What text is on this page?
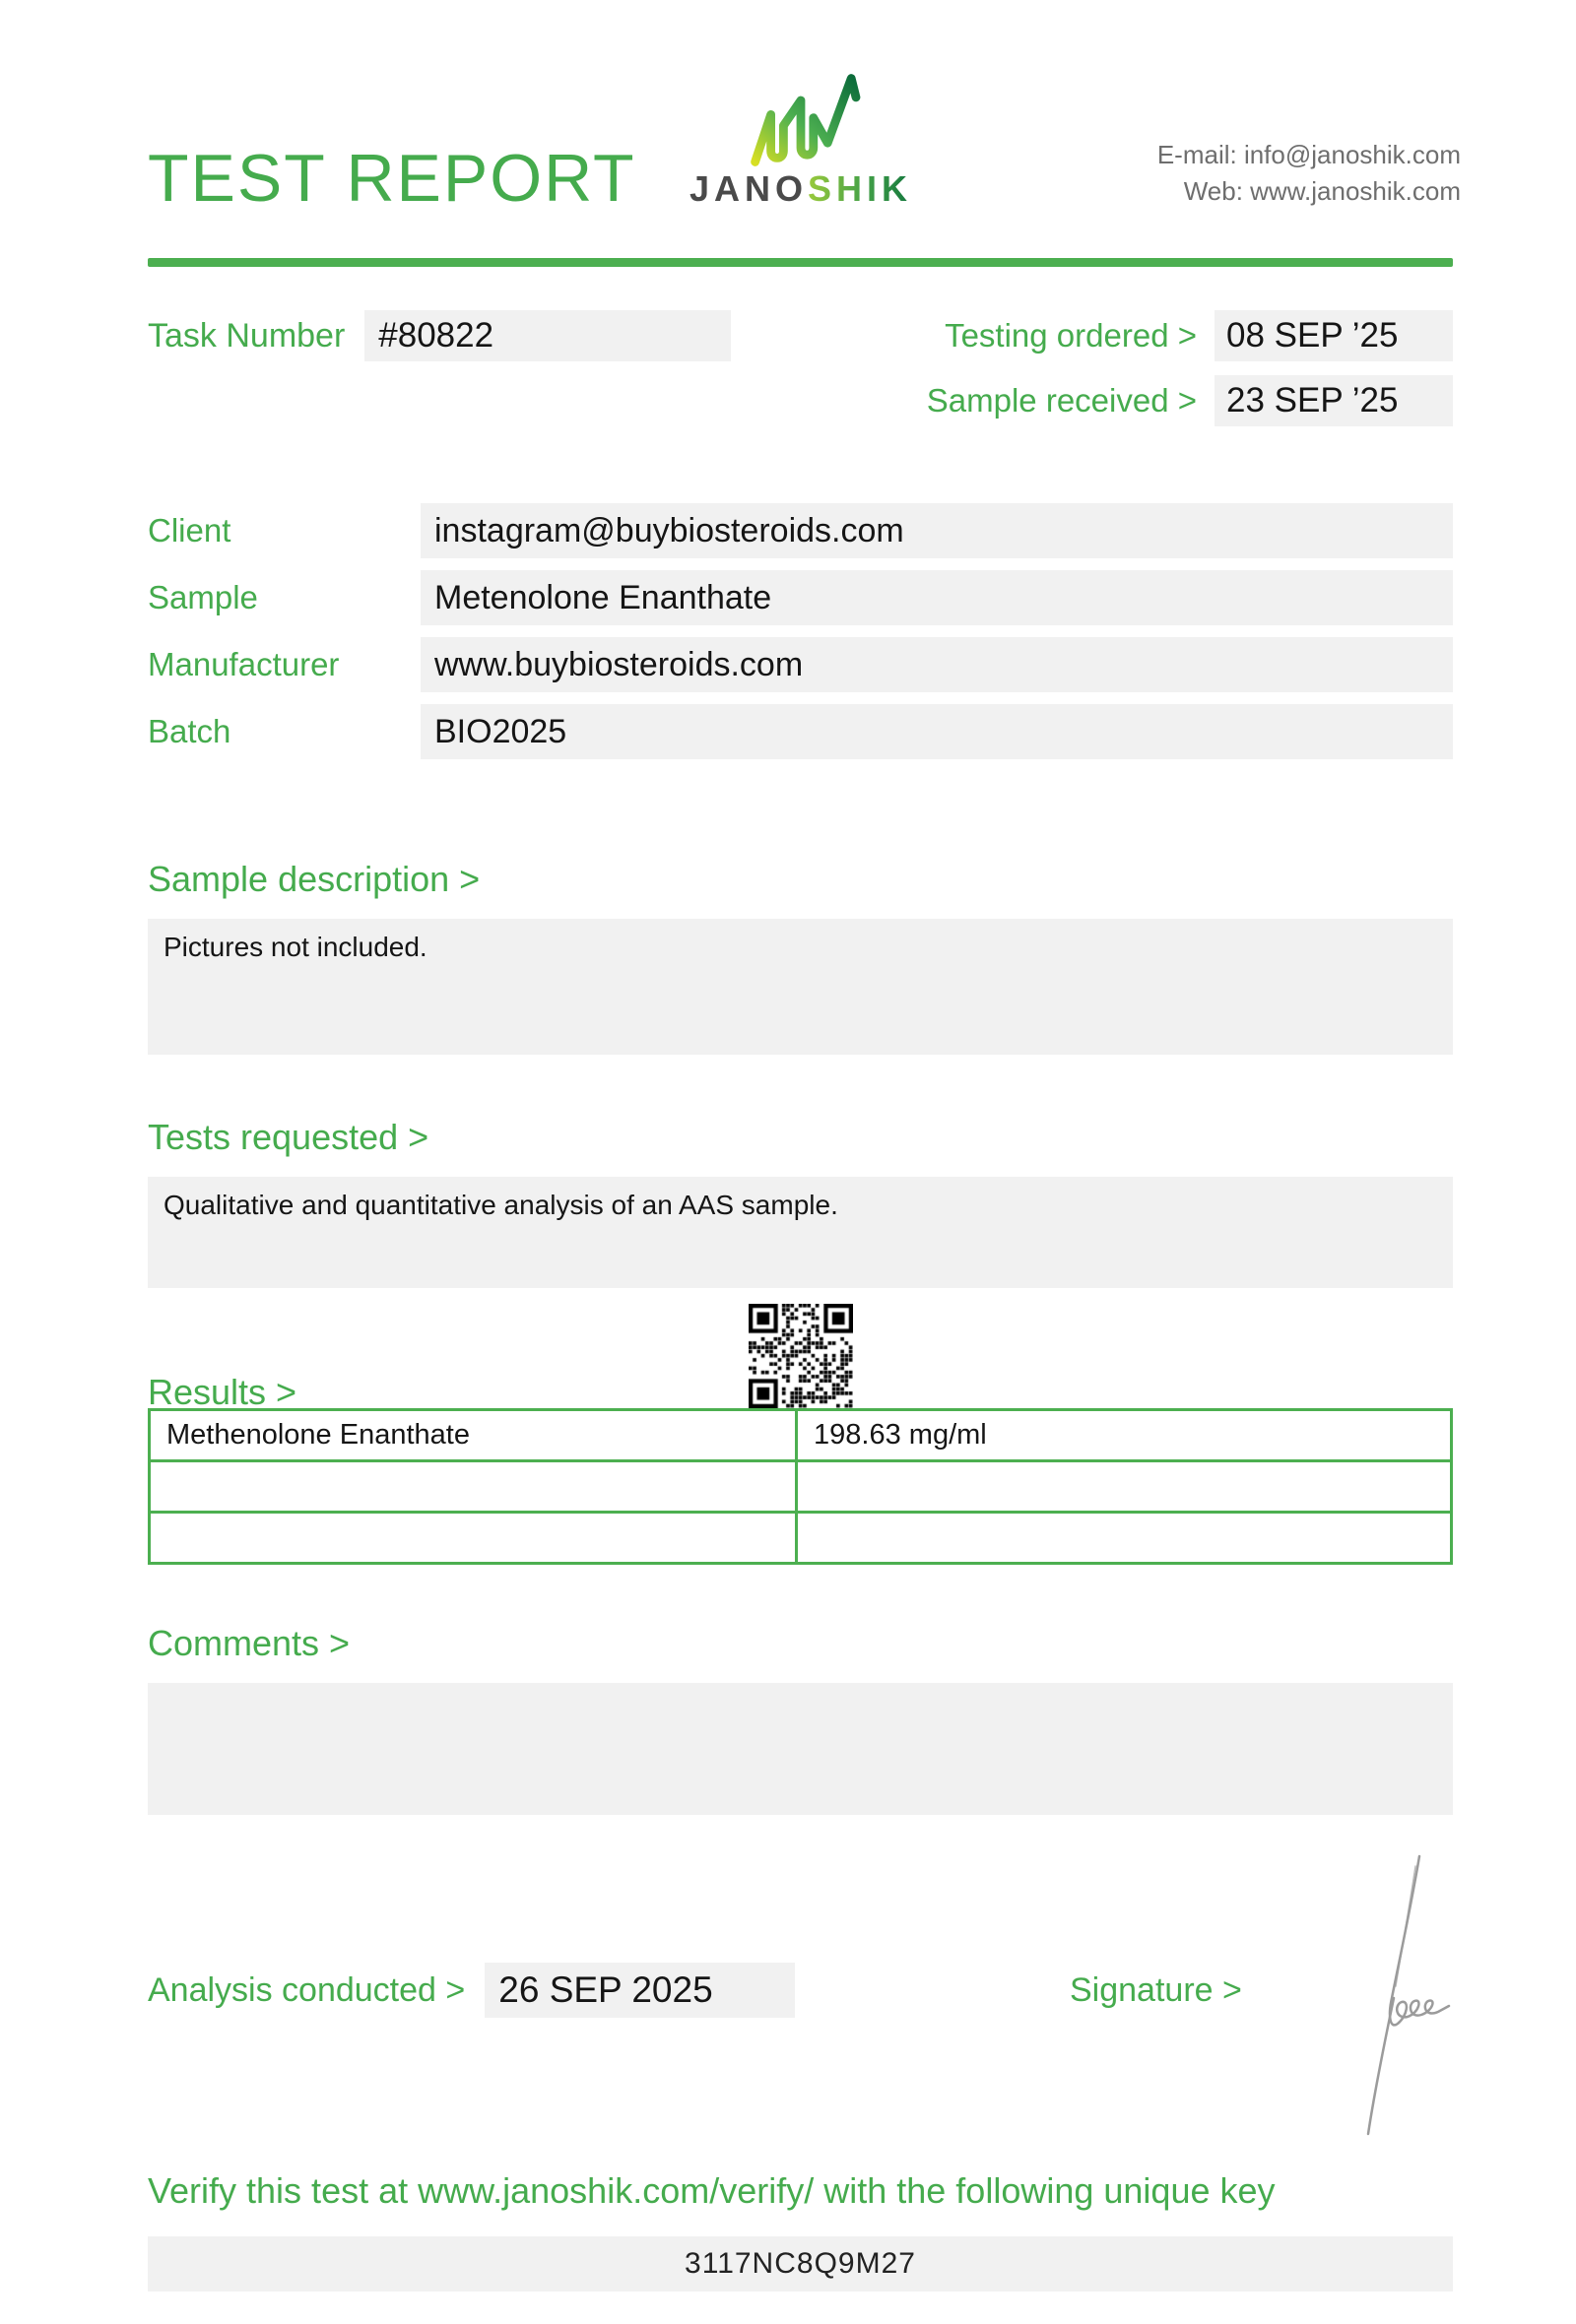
TEST REPORT JANOSHIK
E-mail: info@janoshik.com
Web: www.janoshik.com
Task Number #80822	Testing ordered > 08 SEP ’25
Sample received > 23 SEP ’25
Client	instagram@buybiosteroids.com
Sample	Metenolone Enanthate
Manufacturer	www.buybiosteroids.com
Batch	BIO2025
Sample description >
Pictures not included.
Tests requested >
Qualitative and quantitative analysis of an AAS sample.
Results >
Methenolone Enanthate	198.63 mg/ml

Comments >
Analysis conducted > 26 SEP 2025	Signature >
Verify this test at www.janoshik.com/verify/ with the following unique key
3117NC8Q9M27
